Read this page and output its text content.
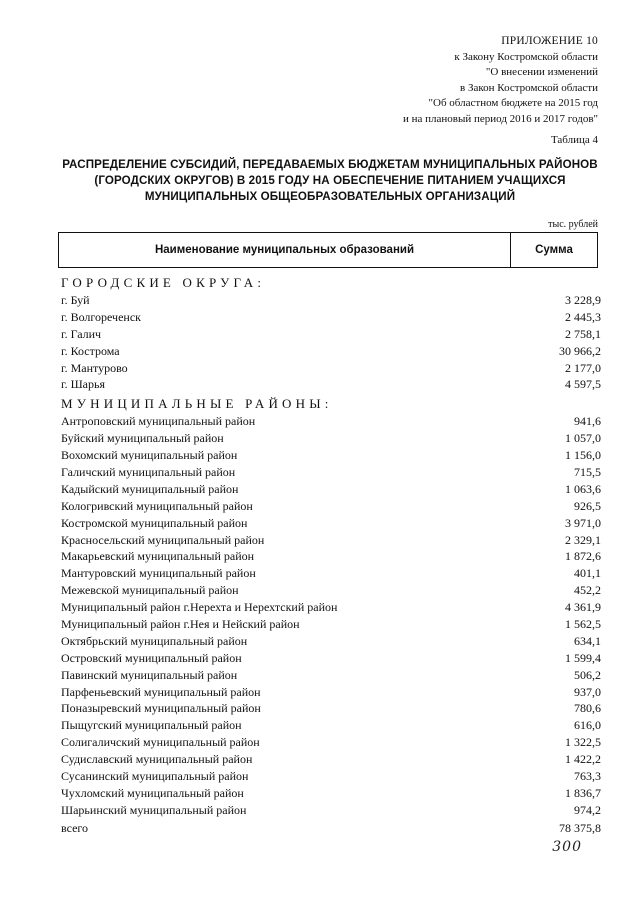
ПРИЛОЖЕНИЕ 10
к Закону Костромской области
"О внесении изменений
в Закон Костромской области
"Об областном бюджете на 2015 год
и на плановый период 2016 и 2017 годов"
Таблица 4
РАСПРЕДЕЛЕНИЕ СУБСИДИЙ, ПЕРЕДАВАЕМЫХ БЮДЖЕТАМ МУНИЦИПАЛЬНЫХ РАЙОНОВ
(ГОРОДСКИХ ОКРУГОВ) В 2015 ГОДУ НА ОБЕСПЕЧЕНИЕ ПИТАНИЕМ УЧАЩИХСЯ
МУНИЦИПАЛЬНЫХ ОБЩЕОБРАЗОВАТЕЛЬНЫХ ОРГАНИЗАЦИЙ
тыс. рублей
Наименование муниципальных образований	Сумма
ГОРОДСКИЕ ОКРУГА:
г. Буй	3 228,9
г. Волгореченск	2 445,3
г. Галич	2 758,1
г. Кострома	30 966,2
г. Мантурово	2 177,0
г. Шарья	4 597,5
МУНИЦИПАЛЬНЫЕ РАЙОНЫ:
Антроповский муниципальный район	941,6
Буйский муниципальный район	1 057,0
Вохомский муниципальный район	1 156,0
Галичский муниципальный район	715,5
Кадыйский муниципальный район	1 063,6
Кологривский муниципальный район	926,5
Костромской муниципальный район	3 971,0
Красносельский муниципальный район	2 329,1
Макарьевский муниципальный район	1 872,6
Мантуровский муниципальный район	401,1
Межевской муниципальный район	452,2
Муниципальный район г.Нерехта и Нерехтский район	4 361,9
Муниципальный район г.Нея и Нейский район	1 562,5
Октябрьский муниципальный район	634,1
Островский муниципальный район	1 599,4
Павинский муниципальный район	506,2
Парфеньевский муниципальный район	937,0
Поназыревский муниципальный район	780,6
Пыщугский муниципальный район	616,0
Солигаличский муниципальный район	1 322,5
Судиславский муниципальный район	1 422,2
Сусанинский муниципальный район	763,3
Чухломский муниципальный район	1 836,7
Шарьинский муниципальный район	974,2
всего	78 375,8
300
